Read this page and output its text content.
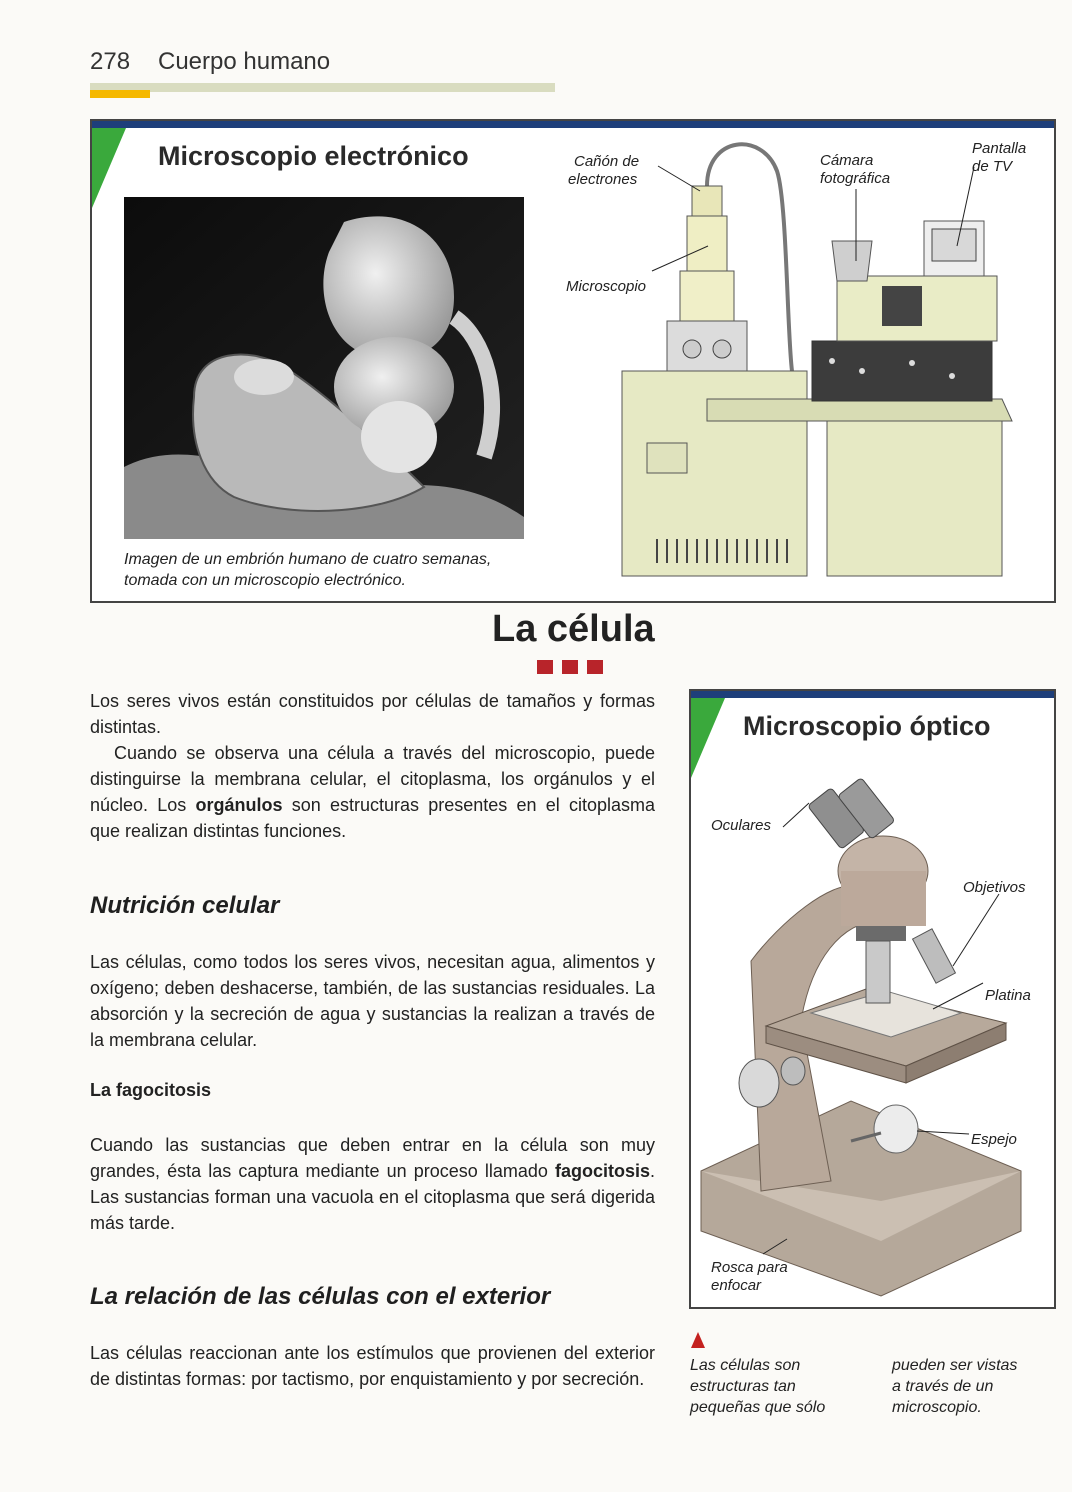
278 Cuerpo humano
Microscopio electrónico
Imagen de un embrión humano de cuatro semanas,
tomada con un microscopio electrónico.
Cañón de
electrones
Microscopio
Cámara
fotográfica
Pantalla
de TV
La célula
Los seres vivos están constituidos por células de tamaños y formas distintas.
Cuando se observa una célula a través del microscopio, puede distinguirse la membrana celular, el citoplasma, los orgánulos y el núcleo. Los orgánulos son estructuras presentes en el citoplasma que realizan distintas funciones.
Nutrición celular
Las células, como todos los seres vivos, necesitan agua, alimentos y oxígeno; deben deshacerse, también, de las sustancias residuales. La absorción y la secreción de agua y sustancias la realizan a través de la membrana celular.
La fagocitosis
Cuando las sustancias que deben entrar en la célula son muy grandes, ésta las captura mediante un proceso llamado fagocitosis. Las sustancias forman una vacuola en el citoplasma que será digerida más tarde.
La relación de las células con el exterior
Las células reaccionan ante los estímulos que provienen del exterior de distintas formas: por tactismo, por enquistamiento y por secreción.
Microscopio óptico
Oculares
Objetivos
Platina
Espejo
Rosca para
enfocar
Las células son
estructuras tan
pequeñas que sólo
pueden ser vistas
a través de un
microscopio.
